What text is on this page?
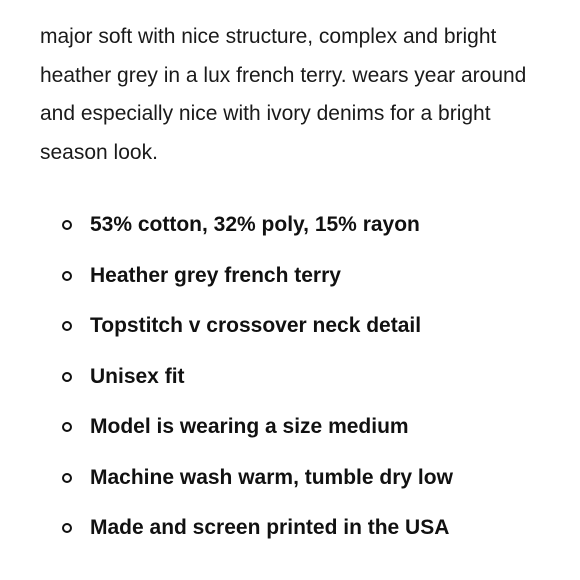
major soft with nice structure, complex and bright heather grey in a lux french terry. wears year around and especially nice with ivory denims for a bright season look.

53% cotton, 32% poly, 15% rayon
Heather grey french terry
Topstitch v crossover neck detail
Unisex fit
Model is wearing a size medium
Machine wash warm, tumble dry low
Made and screen printed in the USA
